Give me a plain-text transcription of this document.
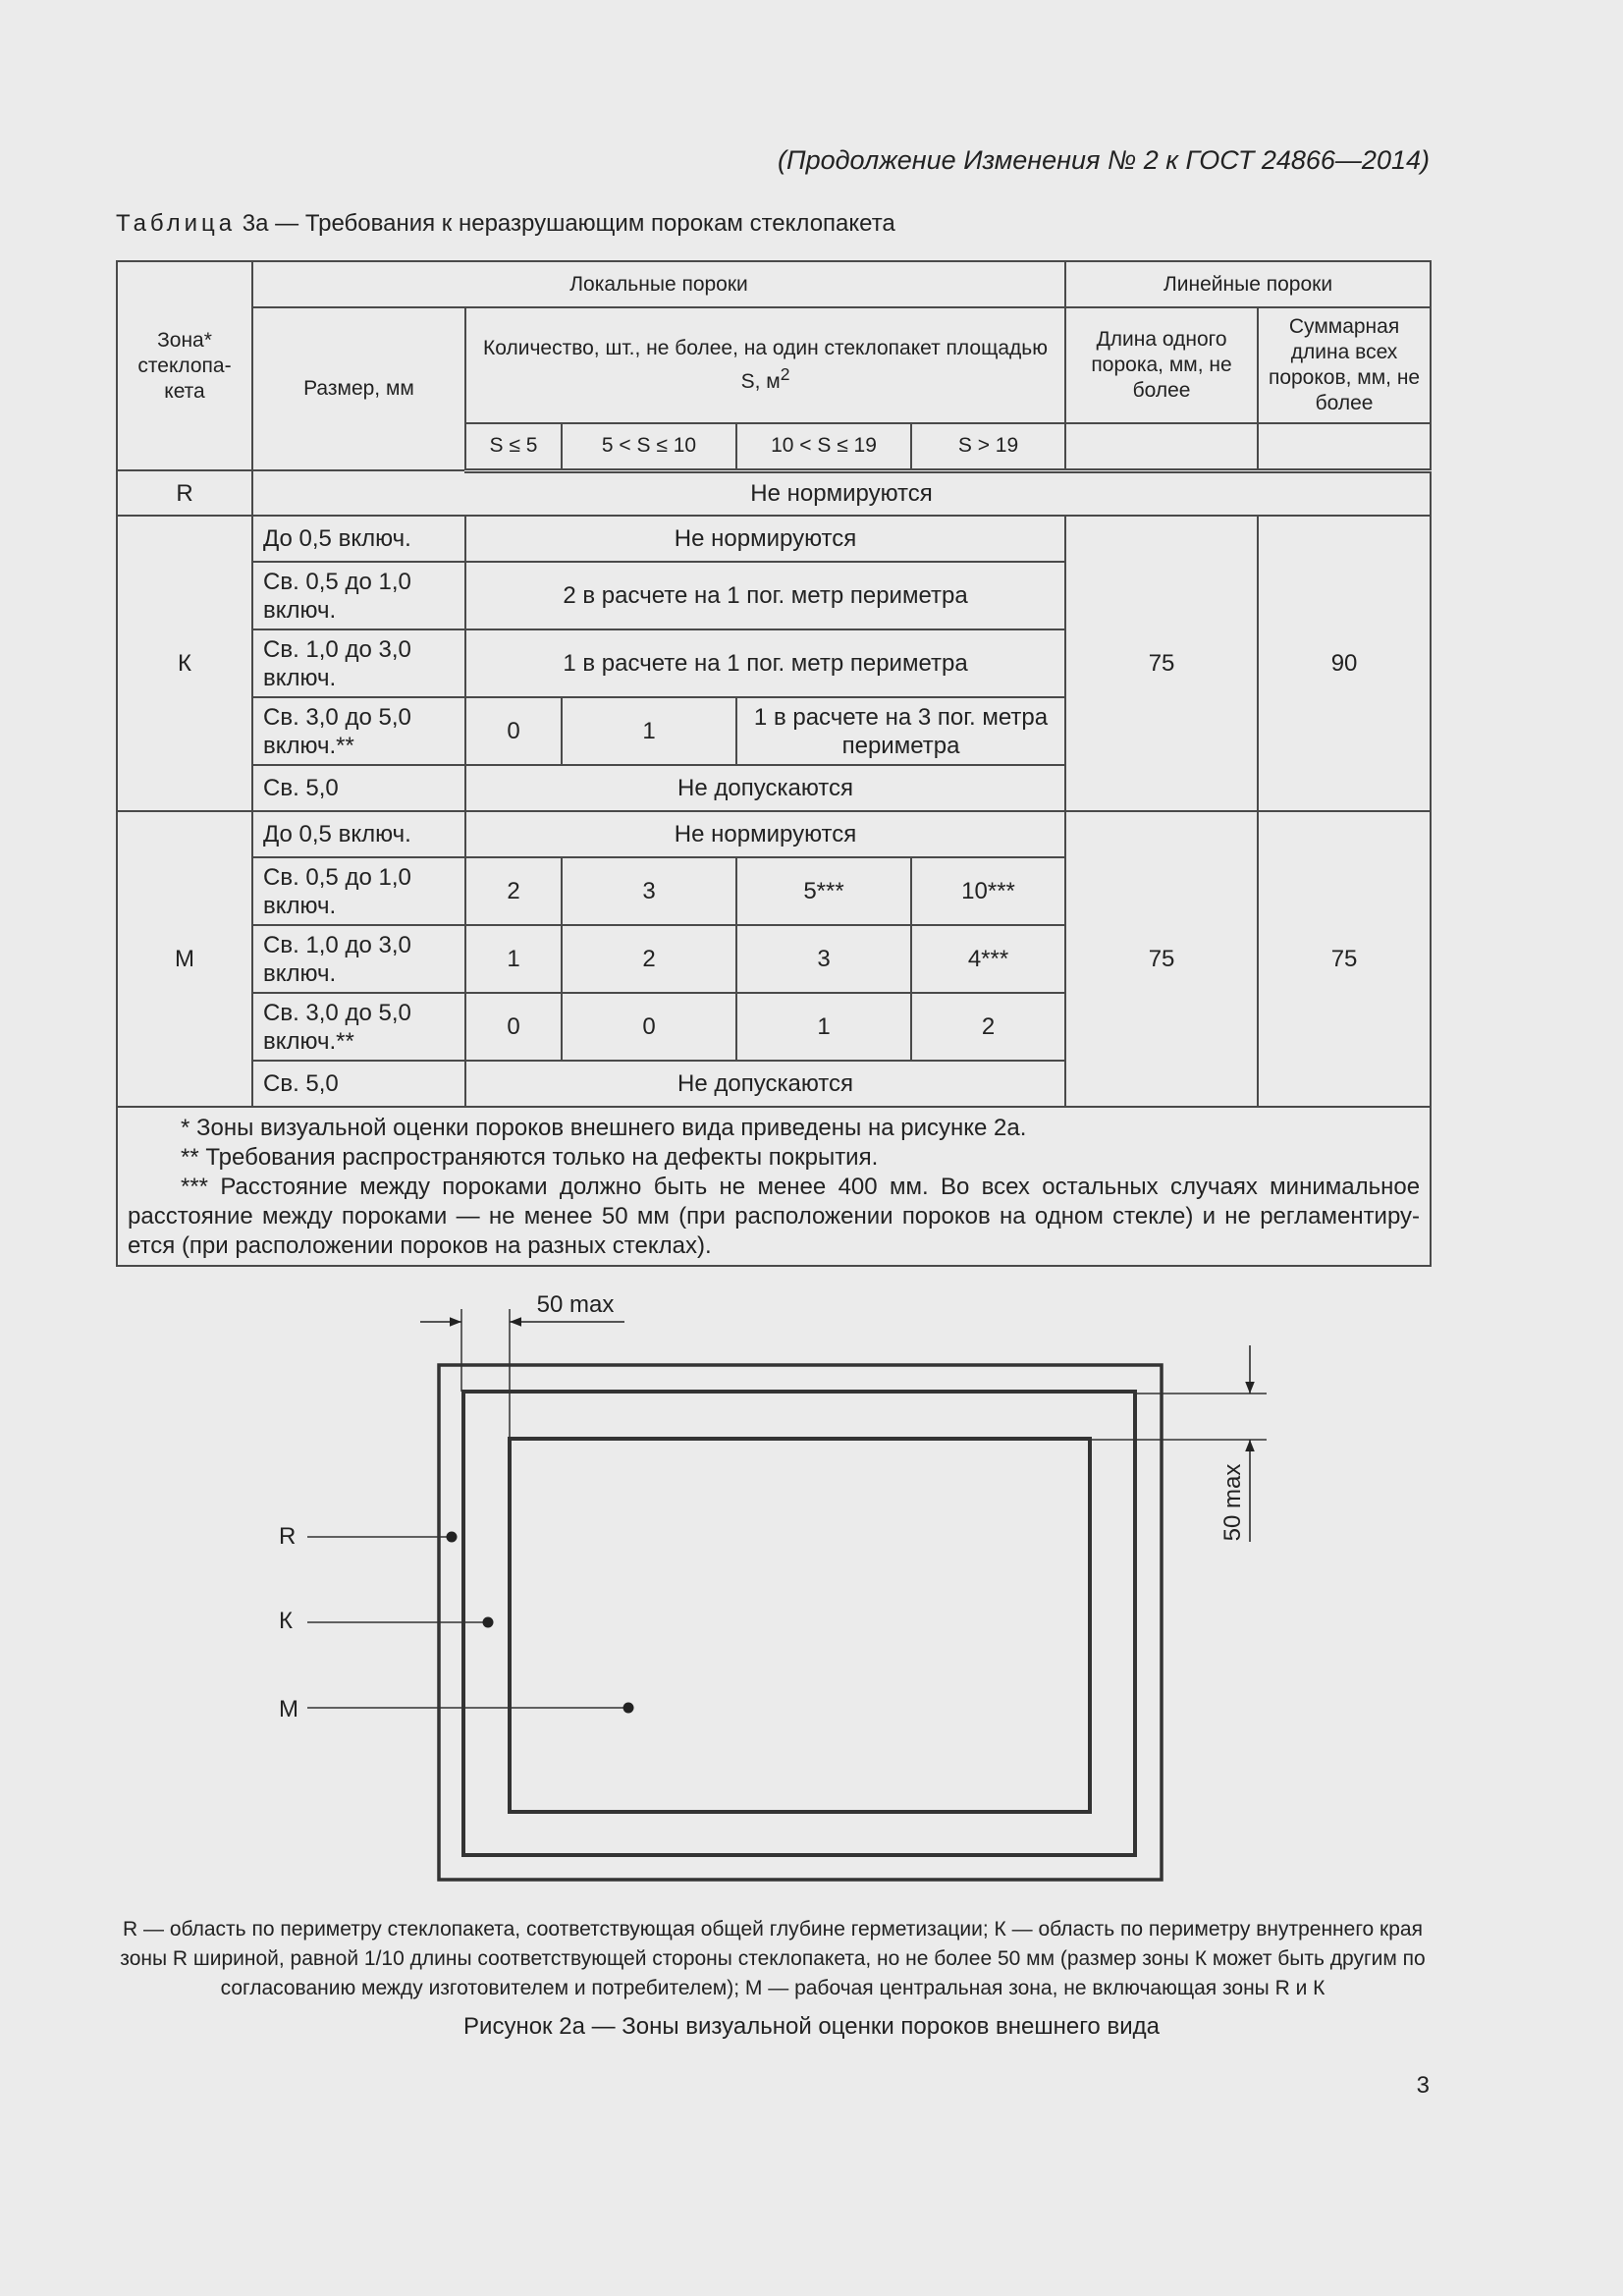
(Продолжение Изменения № 2 к ГОСТ 24866—2014)
Таблица 3а — Требования к неразрушающим порокам стеклопакета
Зона* стеклопа-кета	Локальные пороки					Линейные пороки	
	Размер, мм	Количество, шт., не более, на один стеклопакет площадью S, $м^2$				Длина одного порока, мм, не более	Суммарная длина всех пороков, мм, не более
		S ≤ 5	5 < S ≤ 10	10 < S ≤ 19	S > 19		
R	Не нормируются						
К	До 0,5 включ.	Не нормируются				75	90
	Св. 0,5 до 1,0 включ.	2 в расчете на 1 пог. метр периметра					
	Св. 1,0 до 3,0 включ.	1 в расчете на 1 пог. метр периметра					
	Св. 3,0 до 5,0 включ.**	0	1	1 в расчете на 3 пог. метра периметра			
	Св. 5,0	Не допускаются					
М	До 0,5 включ.	Не нормируются				75	75
	Св. 0,5 до 1,0 включ.	2	3	5***	10***		
	Св. 1,0 до 3,0 включ.	1	2	3	4***		
	Св. 3,0 до 5,0 включ.**	0	0	1	2		
	Св. 5,0	Не допускаются					

* Зоны визуальной оценки пороков внешнего вида приведены на рисунке 2а.
** Требования распространяются только на дефекты покрытия.
*** Расстояние между пороками должно быть не менее 400 мм. Во всех остальных случаях минимальное расстояние между пороками — не менее 50 мм (при расположении пороков на одном стекле) и не регламентиру-ется (при расположении пороков на разных стеклах).							
50 max
50 max
R
К
М
R — область по периметру стеклопакета, соответствующая общей глубине герметизации; К — область по периметру внутреннего края зоны R шириной, равной 1/10 длины соответствующей стороны стеклопакета, но не более 50 мм (размер зоны К может быть другим по согласованию между изготовителем и потребителем); М — рабочая центральная зона, не включающая зоны R и К
Рисунок 2а — Зоны визуальной оценки пороков внешнего вида
3
